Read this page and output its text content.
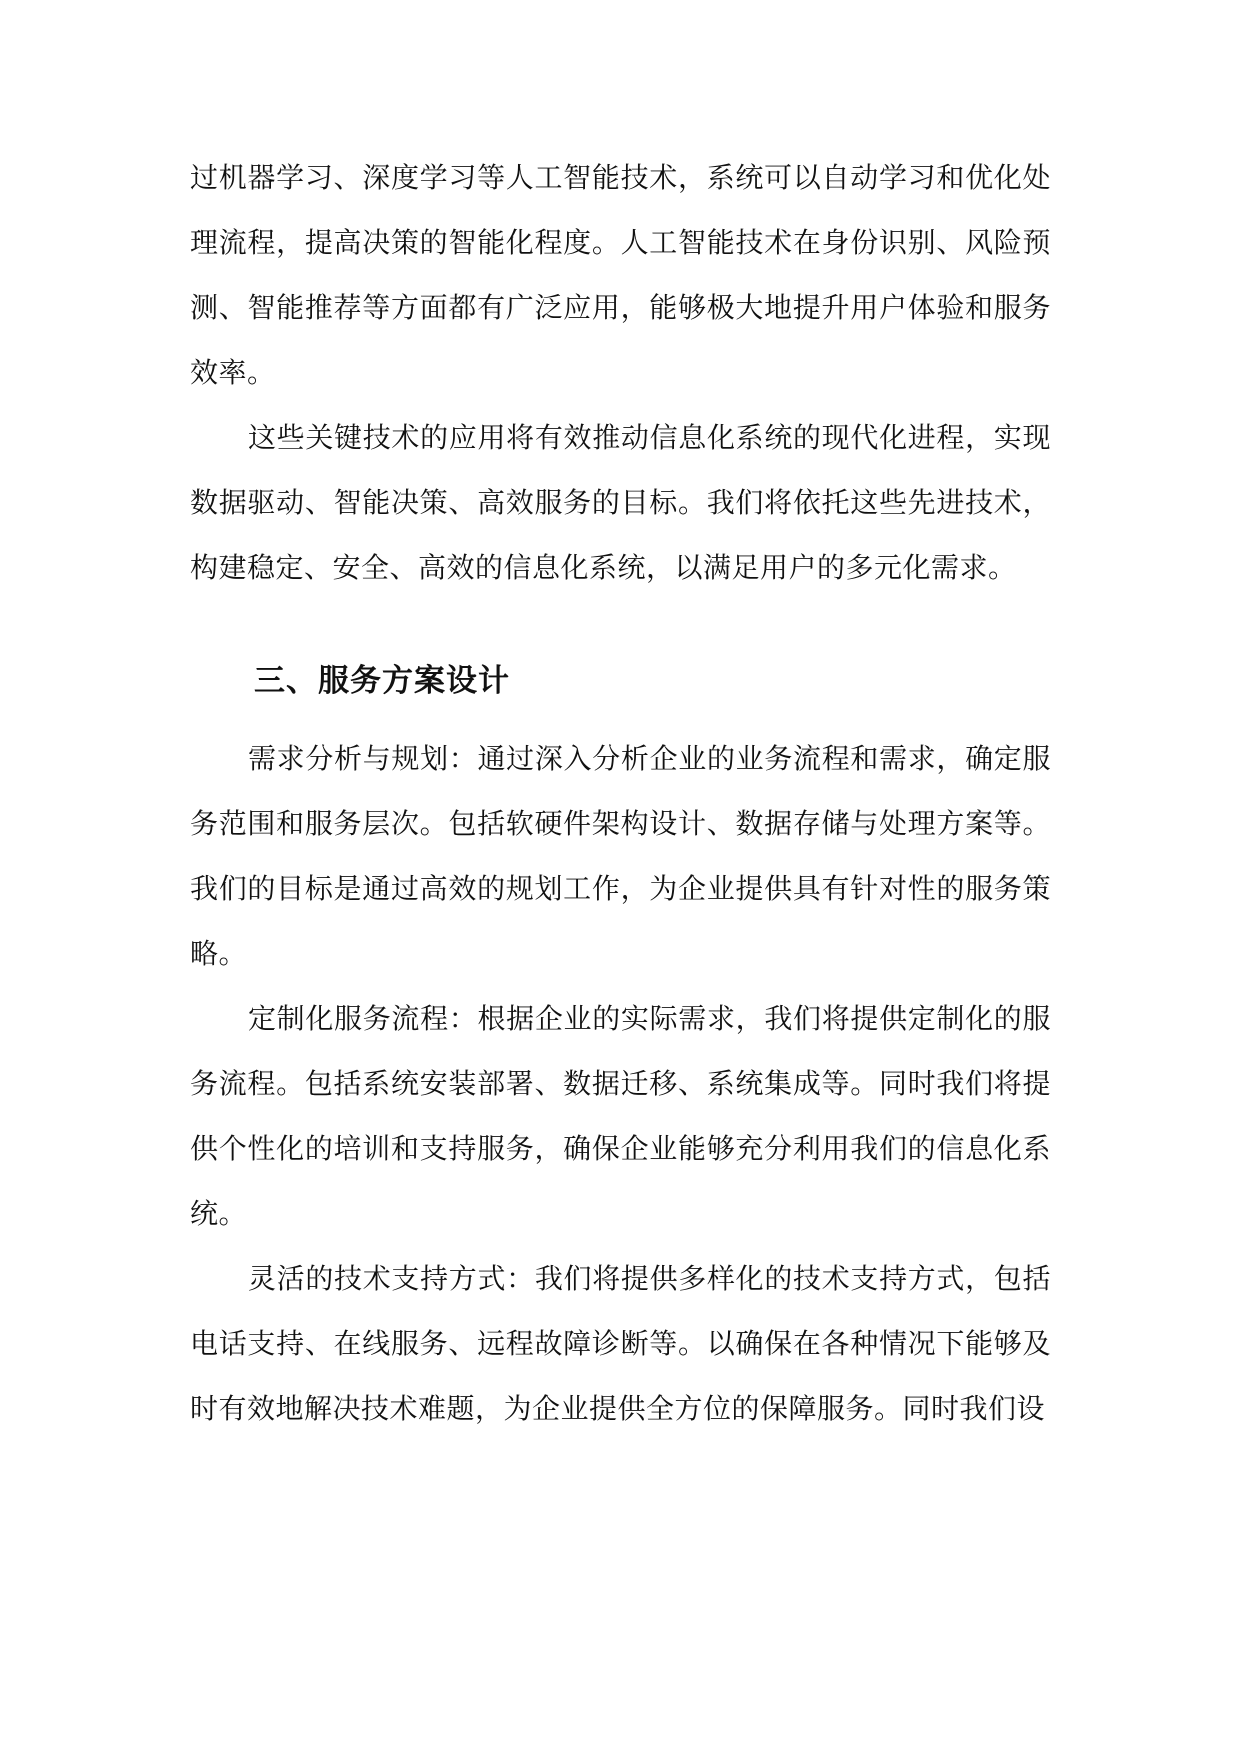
过机器学习、深度学习等人工智能技术，系统可以自动学习和优化处理流程，提高决策的智能化程度。人工智能技术在身份识别、风险预测、智能推荐等方面都有广泛应用，能够极大地提升用户体验和服务效率。

这些关键技术的应用将有效推动信息化系统的现代化进程，实现数据驱动、智能决策、高效服务的目标。我们将依托这些先进技术，构建稳定、安全、高效的信息化系统，以满足用户的多元化需求。

三、服务方案设计

需求分析与规划：通过深入分析企业的业务流程和需求，确定服务范围和服务层次。包括软硬件架构设计、数据存储与处理方案等。我们的目标是通过高效的规划工作，为企业提供具有针对性的服务策略。

定制化服务流程：根据企业的实际需求，我们将提供定制化的服务流程。包括系统安装部署、数据迁移、系统集成等。同时我们将提供个性化的培训和支持服务，确保企业能够充分利用我们的信息化系统。

灵活的技术支持方式：我们将提供多样化的技术支持方式，包括电话支持、在线服务、远程故障诊断等。以确保在各种情况下能够及时有效地解决技术难题，为企业提供全方位的保障服务。同时我们设
